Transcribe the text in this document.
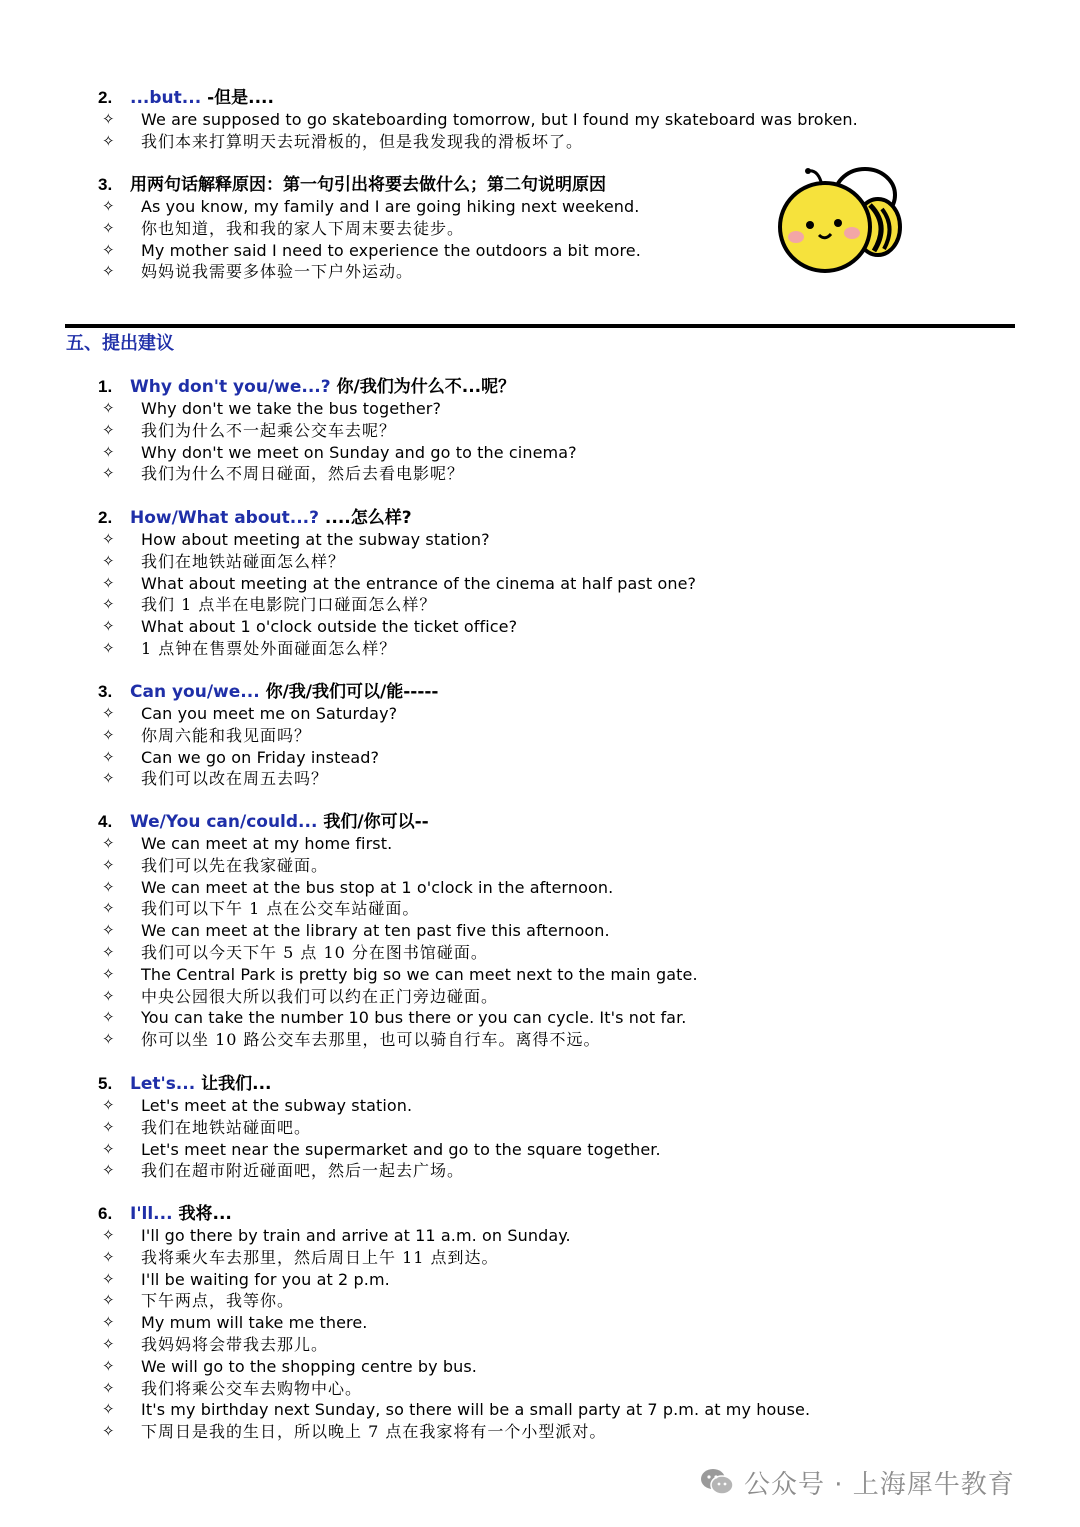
2. ...but... -但是....
✧	We are supposed to go skateboarding tomorrow, but I found my skateboard was broken.
✧	我们本来打算明天去玩滑板的，但是我发现我的滑板坏了。
3. 用两句话解释原因：第一句引出将要去做什么；第二句说明原因
✧	As you know, my family and I are going hiking next weekend.
✧	你也知道，我和我的家人下周末要去徒步。
✧	My mother said I need to experience the outdoors a bit more.
✧	妈妈说我需要多体验一下户外运动。
五、提出建议
1. Why don't you/we...? 你/我们为什么不...呢？
✧	Why don't we take the bus together?
✧	我们为什么不一起乘公交车去呢？
✧	Why don't we meet on Sunday and go to the cinema?
✧	我们为什么不周日碰面，然后去看电影呢？
2. How/What about...? ....怎么样?
✧	How about meeting at the subway station?
✧	我们在地铁站碰面怎么样？
✧	What about meeting at the entrance of the cinema at half past one?
✧	我们 1 点半在电影院门口碰面怎么样？
✧	What about 1 o'clock outside the ticket office?
✧	1 点钟在售票处外面碰面怎么样？
3. Can you/we... 你/我/我们可以/能-----
✧	Can you meet me on Saturday?
✧	你周六能和我见面吗？
✧	Can we go on Friday instead?
✧	我们可以改在周五去吗？
4. We/You can/could... 我们/你可以--
✧	We can meet at my home first.
✧	我们可以先在我家碰面。
✧	We can meet at the bus stop at 1 o'clock in the afternoon.
✧	我们可以下午 1 点在公交车站碰面。
✧	We can meet at the library at ten past five this afternoon.
✧	我们可以今天下午 5 点 10 分在图书馆碰面。
✧	The Central Park is pretty big so we can meet next to the main gate.
✧	中央公园很大所以我们可以约在正门旁边碰面。
✧	You can take the number 10 bus there or you can cycle. It's not far.
✧	你可以坐 10 路公交车去那里，也可以骑自行车。离得不远。
5. Let's... 让我们...
✧	Let's meet at the subway station.
✧	我们在地铁站碰面吧。
✧	Let's meet near the supermarket and go to the square together.
✧	我们在超市附近碰面吧，然后一起去广场。
6. I'll... 我将...
✧	I'll go there by train and arrive at 11 a.m. on Sunday.
✧	我将乘火车去那里，然后周日上午 11 点到达。
✧	I'll be waiting for you at 2 p.m.
✧	下午两点，我等你。
✧	My mum will take me there.
✧	我妈妈将会带我去那儿。
✧	We will go to the shopping centre by bus.
✧	我们将乘公交车去购物中心。
✧	It's my birthday next Sunday, so there will be a small party at 7 p.m. at my house.
✧	下周日是我的生日，所以晚上 7 点在我家将有一个小型派对。
公众号 · 上海犀牛教育
